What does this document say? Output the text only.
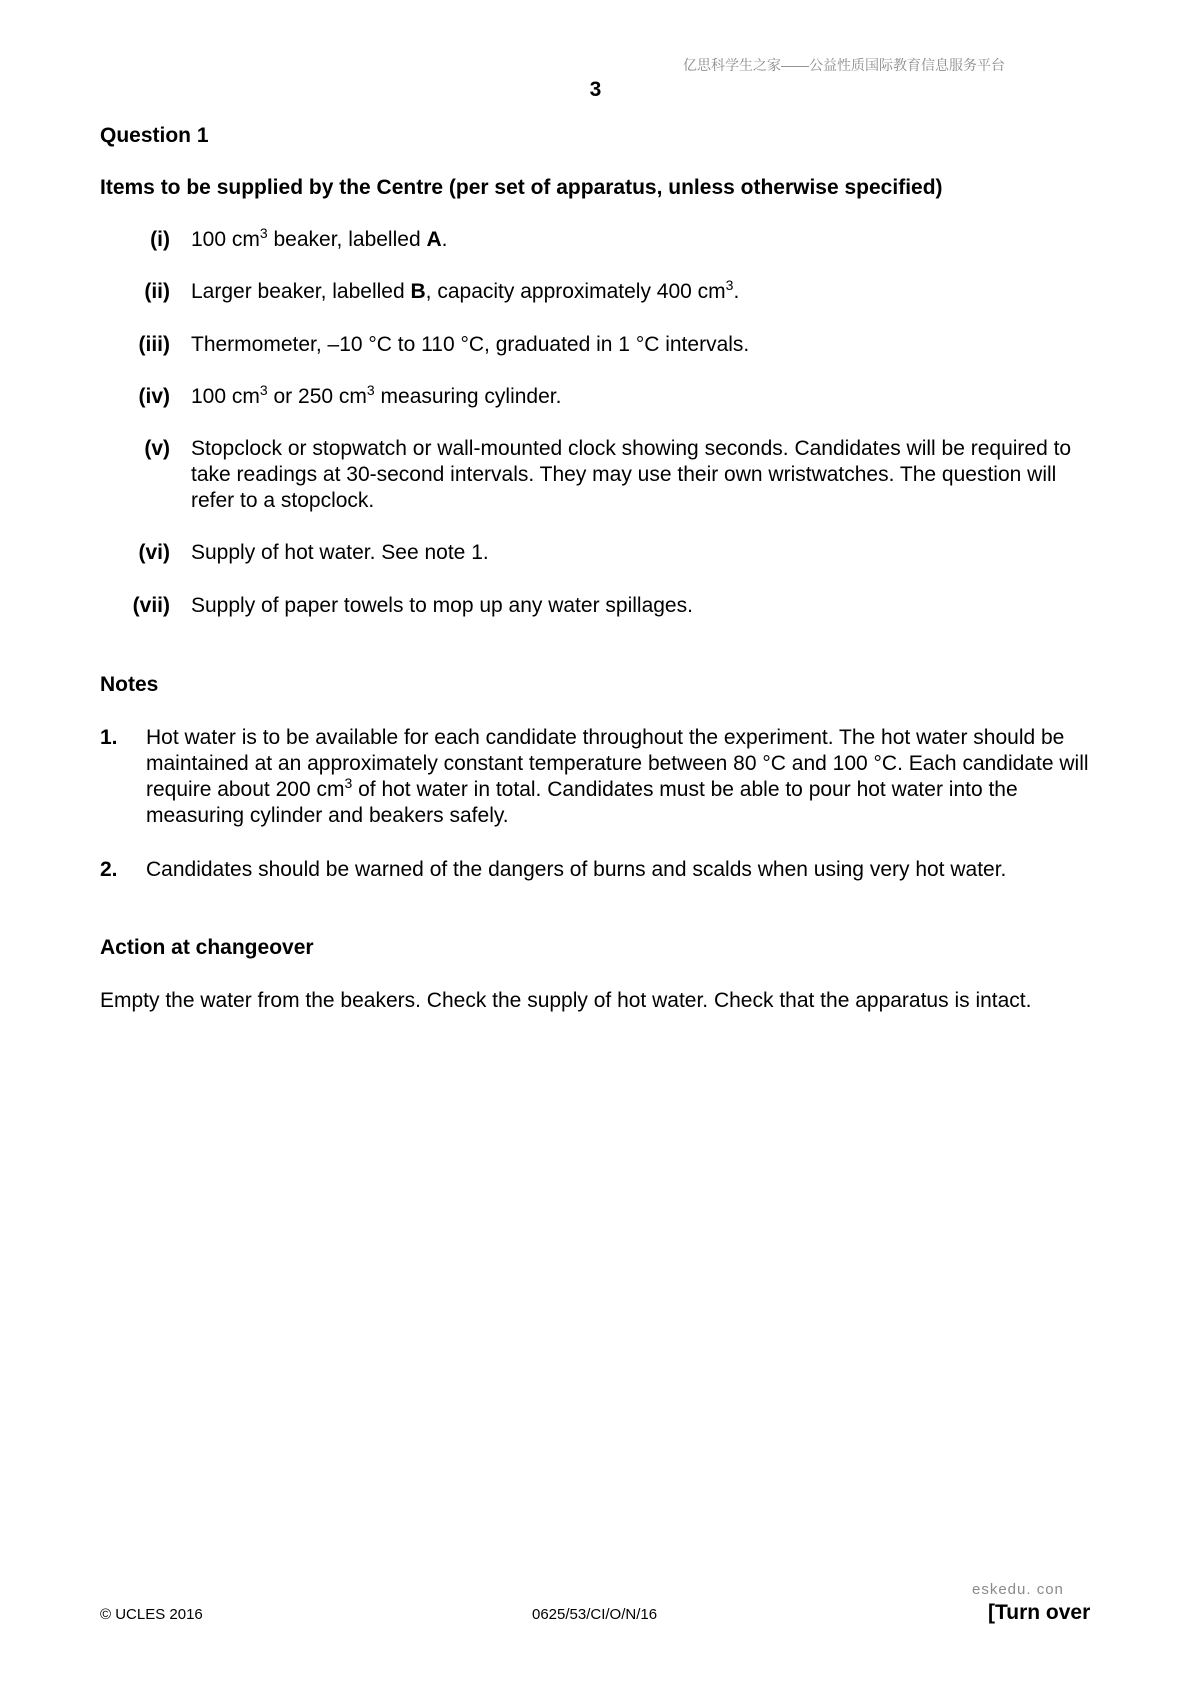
亿思科学生之家——公益性质国际教育信息服务平台
3
Question 1
Items to be supplied by the Centre (per set of apparatus, unless otherwise specified)
(i) 100 $cm^3$ beaker, labelled A.
(ii) Larger beaker, labelled B, capacity approximately 400 $cm^3$.
(iii) Thermometer, –10 °C to 110 °C, graduated in 1 °C intervals.
(iv) 100 $cm^3$ or 250 $cm^3$ measuring cylinder.
(v) Stopclock or stopwatch or wall-mounted clock showing seconds. Candidates will be required to take readings at 30-second intervals. They may use their own wristwatches. The question will refer to a stopclock.
(vi) Supply of hot water. See note 1.
(vii) Supply of paper towels to mop up any water spillages.
Notes
1. Hot water is to be available for each candidate throughout the experiment. The hot water should be maintained at an approximately constant temperature between 80 °C and 100 °C. Each candidate will require about 200 $cm^3$ of hot water in total. Candidates must be able to pour hot water into the measuring cylinder and beakers safely.
2. Candidates should be warned of the dangers of burns and scalds when using very hot water.
Action at changeover
Empty the water from the beakers. Check the supply of hot water. Check that the apparatus is intact.
eskedu. con
© UCLES 2016	0625/53/CI/O/N/16	[Turn over
